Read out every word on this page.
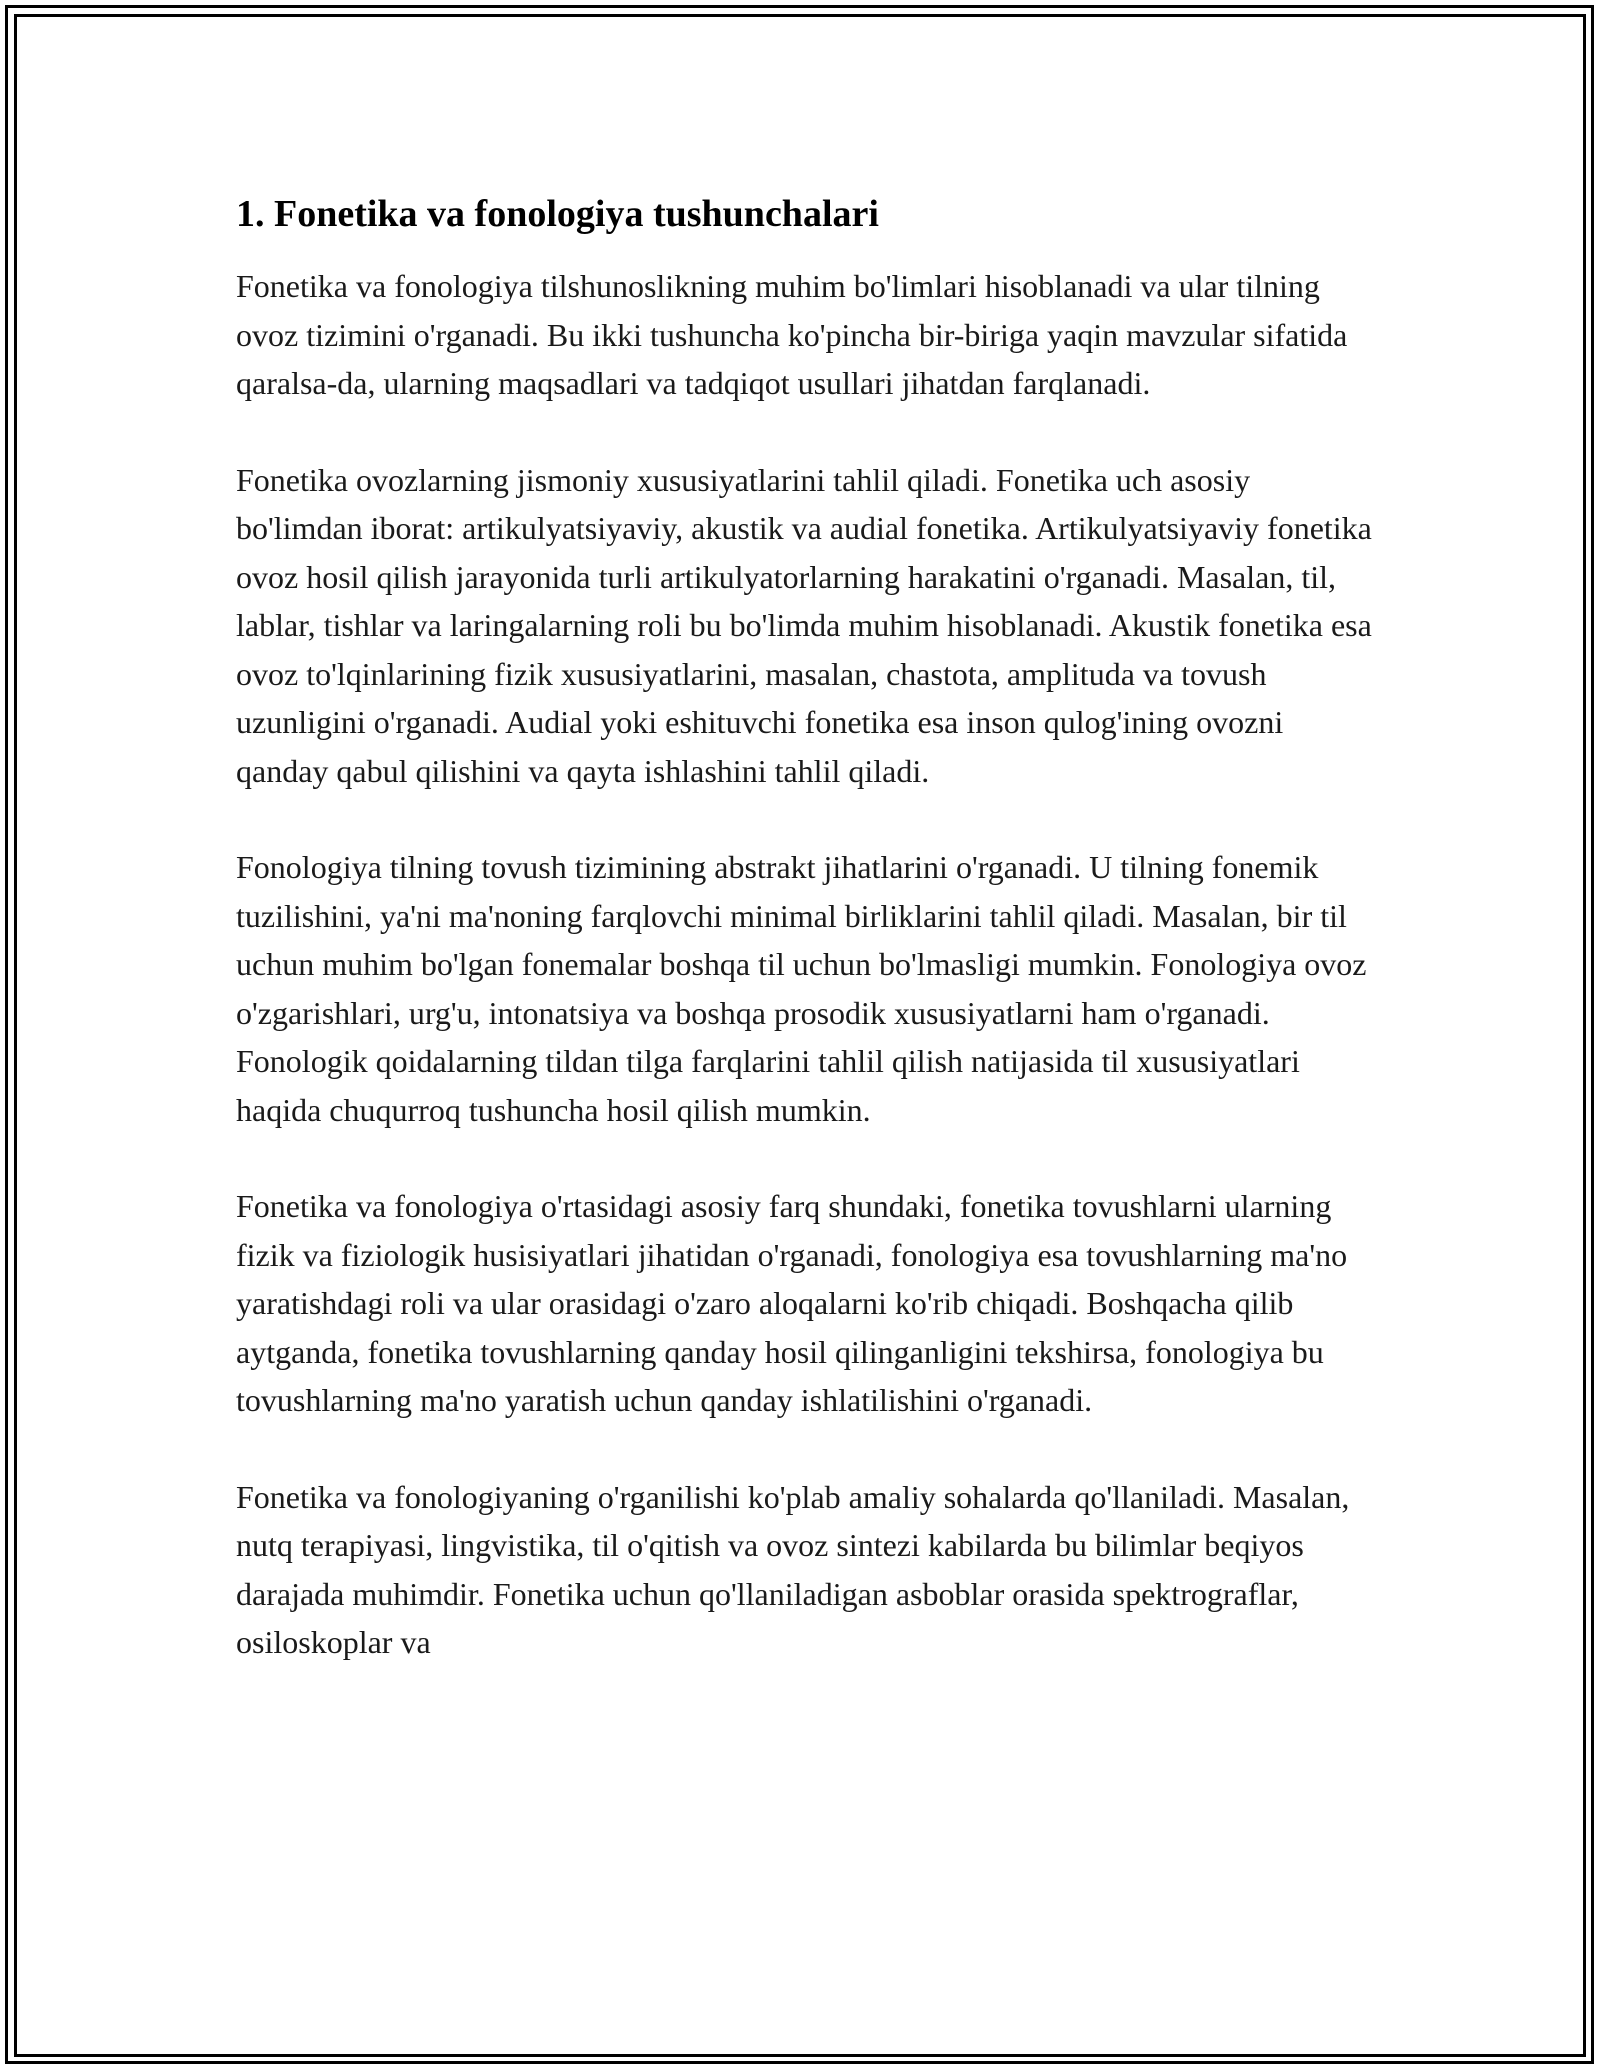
1. Fonetika va fonologiya tushunchalari

Fonetika va fonologiya tilshunoslikning muhim bo'limlari hisoblanadi va ular tilning ovoz tizimini o'rganadi. Bu ikki tushuncha ko'pincha bir-biriga yaqin mavzular sifatida qaralsa-da, ularning maqsadlari va tadqiqot usullari jihatdan farqlanadi.

Fonetika ovozlarning jismoniy xususiyatlarini tahlil qiladi. Fonetika uch asosiy bo'limdan iborat: artikulyatsiyaviy, akustik va audial fonetika. Artikulyatsiyaviy fonetika ovoz hosil qilish jarayonida turli artikulyatorlarning harakatini o'rganadi. Masalan, til, lablar, tishlar va laringalarning roli bu bo'limda muhim hisoblanadi. Akustik fonetika esa ovoz to'lqinlarining fizik xususiyatlarini, masalan, chastota, amplituda va tovush uzunligini o'rganadi. Audial yoki eshituvchi fonetika esa inson qulog'ining ovozni qanday qabul qilishini va qayta ishlashini tahlil qiladi.

Fonologiya tilning tovush tizimining abstrakt jihatlarini o'rganadi. U tilning fonemik tuzilishini, ya'ni ma'noning farqlovchi minimal birliklarini tahlil qiladi. Masalan, bir til uchun muhim bo'lgan fonemalar boshqa til uchun bo'lmasligi mumkin. Fonologiya ovoz o'zgarishlari, urg'u, intonatsiya va boshqa prosodik xususiyatlarni ham o'rganadi. Fonologik qoidalarning tildan tilga farqlarini tahlil qilish natijasida til xususiyatlari haqida chuqurroq tushuncha hosil qilish mumkin.

Fonetika va fonologiya o'rtasidagi asosiy farq shundaki, fonetika tovushlarni ularning fizik va fiziologik husisiyatlari jihatidan o'rganadi, fonologiya esa tovushlarning ma'no yaratishdagi roli va ular orasidagi o'zaro aloqalarni ko'rib chiqadi. Boshqacha qilib aytganda, fonetika tovushlarning qanday hosil qilinganligini tekshirsa, fonologiya bu tovushlarning ma'no yaratish uchun qanday ishlatilishini o'rganadi.

Fonetika va fonologiyaning o'rganilishi ko'plab amaliy sohalarda qo'llaniladi. Masalan, nutq terapiyasi, lingvistika, til o'qitish va ovoz sintezi kabilarda bu bilimlar beqiyos darajada muhimdir. Fonetika uchun qo'llaniladigan asboblar orasida spektrograflar, osiloskoplar va
